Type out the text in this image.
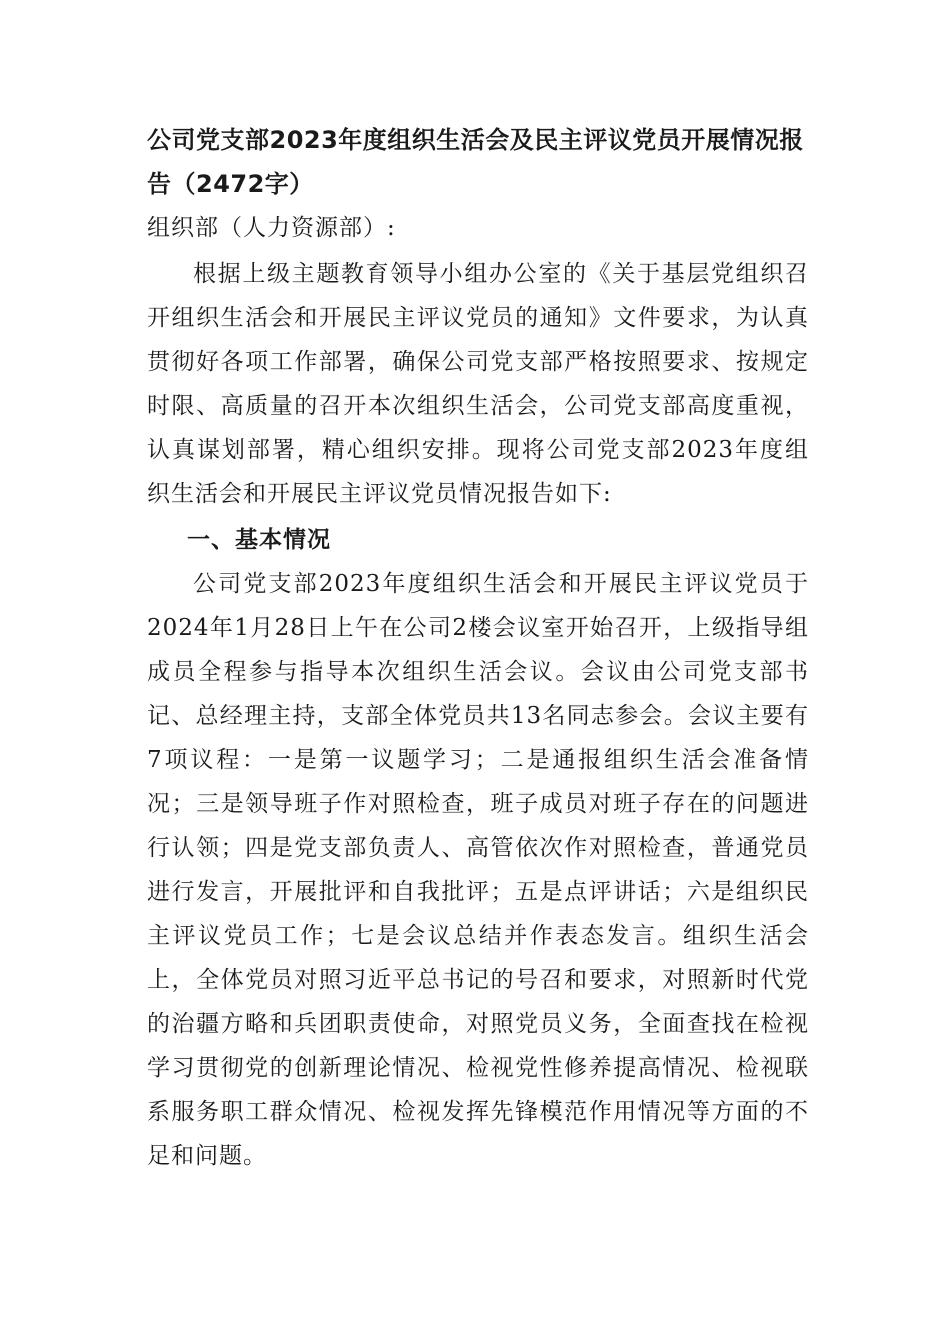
公司党支部2023年度组织生活会及民主评议党员开展情况报告（2472字）

组织部（人力资源部）:

根据上级主题教育领导小组办公室的《关于基层党组织召开组织生活会和开展民主评议党员的通知》文件要求，为认真贯彻好各项工作部署，确保公司党支部严格按照要求、按规定时限、高质量的召开本次组织生活会，公司党支部高度重视，认真谋划部署，精心组织安排。现将公司党支部2023年度组织生活会和开展民主评议党员情况报告如下:

一、基本情况

公司党支部2023年度组织生活会和开展民主评议党员于2024年1月28日上午在公司2楼会议室开始召开，上级指导组成员全程参与指导本次组织生活会议。会议由公司党支部书记、总经理主持，支部全体党员共13名同志参会。会议主要有7项议程：一是第一议题学习；二是通报组织生活会准备情况；三是领导班子作对照检查，班子成员对班子存在的问题进行认领；四是党支部负责人、高管依次作对照检查，普通党员进行发言，开展批评和自我批评；五是点评讲话；六是组织民主评议党员工作；七是会议总结并作表态发言。组织生活会上，全体党员对照习近平总书记的号召和要求，对照新时代党的治疆方略和兵团职责使命，对照党员义务，全面查找在检视学习贯彻党的创新理论情况、检视党性修养提高情况、检视联系服务职工群众情况、检视发挥先锋模范作用情况等方面的不足和问题。
